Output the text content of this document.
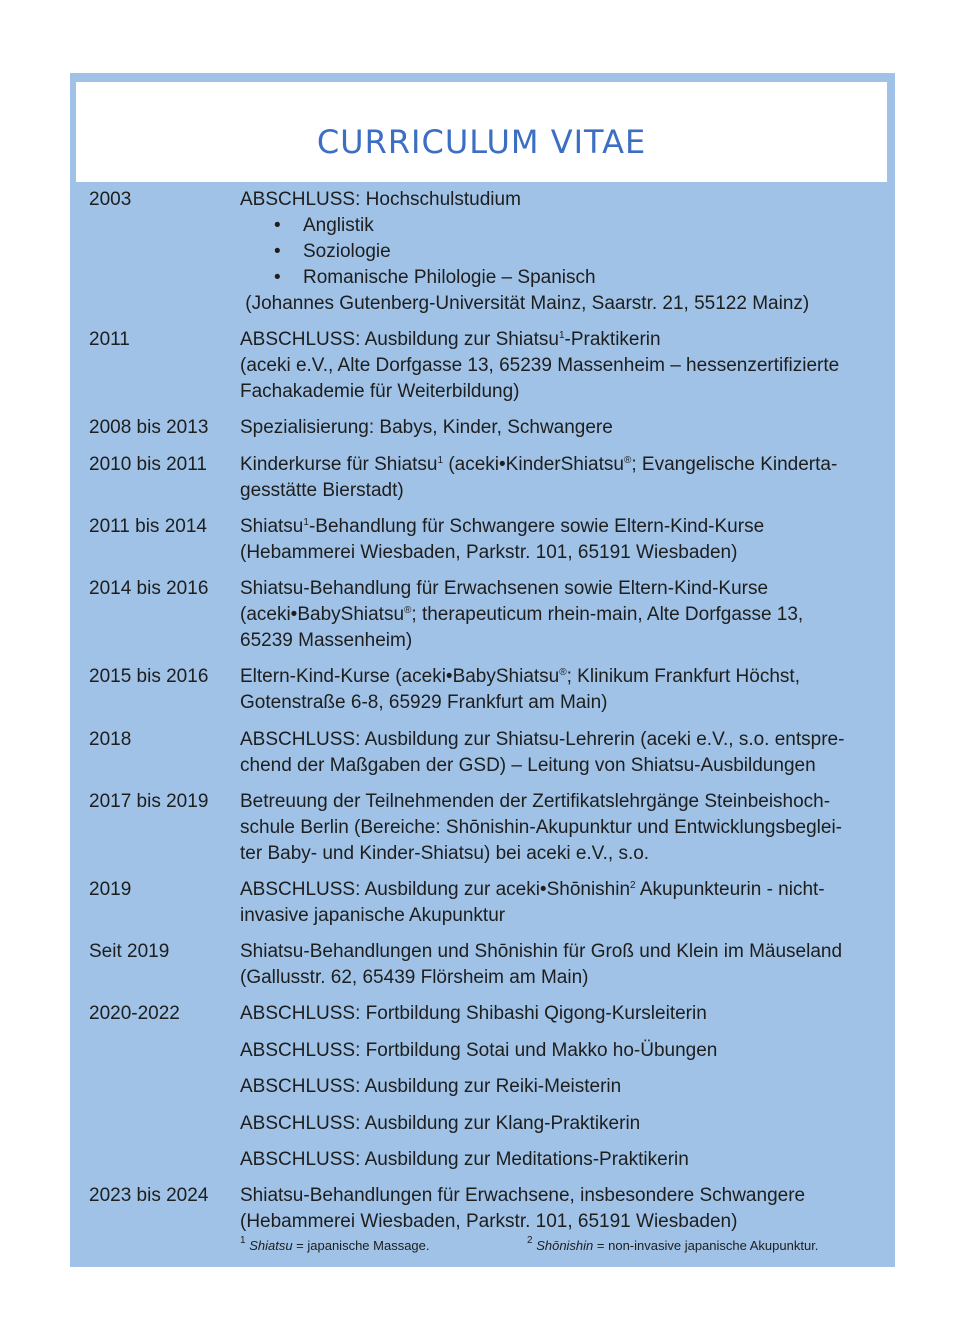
CURRICULUM VITAE
2003	ABSCHLUSS: Hochschulstudium
• Anglistik
• Soziologie
• Romanische Philologie – Spanisch
(Johannes Gutenberg-Universität Mainz, Saarstr. 21, 55122 Mainz)
2011	ABSCHLUSS: Ausbildung zur Shiatsu$^1$-Praktikerin
(aceki e.V., Alte Dorfgasse 13, 65239 Massenheim – hessenzertifizierte
Fachakademie für Weiterbildung)
2008 bis 2013	Spezialisierung: Babys, Kinder, Schwangere
2010 bis 2011	Kinderkurse für Shiatsu$^1$ (aceki•KinderShiatsu®; Evangelische Kinderta-
gesstätte Bierstadt)
2011 bis 2014	Shiatsu$^1$-Behandlung für Schwangere sowie Eltern-Kind-Kurse
(Hebammerei Wiesbaden, Parkstr. 101, 65191 Wiesbaden)
2014 bis 2016	Shiatsu-Behandlung für Erwachsenen sowie Eltern-Kind-Kurse
(aceki•BabyShiatsu®; therapeuticum rhein-main, Alte Dorfgasse 13,
65239 Massenheim)
2015 bis 2016	Eltern-Kind-Kurse (aceki•BabyShiatsu®; Klinikum Frankfurt Höchst,
Gotenstraße 6-8, 65929 Frankfurt am Main)
2018	ABSCHLUSS: Ausbildung zur Shiatsu-Lehrerin (aceki e.V., s.o. entspre-
chend der Maßgaben der GSD) – Leitung von Shiatsu-Ausbildungen
2017 bis 2019	Betreuung der Teilnehmenden der Zertifikatslehrgänge Steinbeishoch-
schule Berlin (Bereiche: Shōnishin-Akupunktur und Entwicklungsbeglei-
ter Baby- und Kinder-Shiatsu) bei aceki e.V., s.o.
2019	ABSCHLUSS: Ausbildung zur aceki•Shōnishin$^2$ Akupunkteurin - nicht-
invasive japanische Akupunktur
Seit 2019	Shiatsu-Behandlungen und Shōnishin für Groß und Klein im Mäuseland
(Gallusstr. 62, 65439 Flörsheim am Main)
2020-2022	ABSCHLUSS: Fortbildung Shibashi Qigong-Kursleiterin
ABSCHLUSS: Fortbildung Sotai und Makko ho-Übungen
ABSCHLUSS: Ausbildung zur Reiki-Meisterin
ABSCHLUSS: Ausbildung zur Klang-Praktikerin
ABSCHLUSS: Ausbildung zur Meditations-Praktikerin
2023 bis 2024	Shiatsu-Behandlungen für Erwachsene, insbesondere Schwangere
(Hebammerei Wiesbaden, Parkstr. 101, 65191 Wiesbaden)
$^1$ Shiatsu = japanische Massage.	$^2$ Shōnishin = non-invasive japanische Akupunktur.
